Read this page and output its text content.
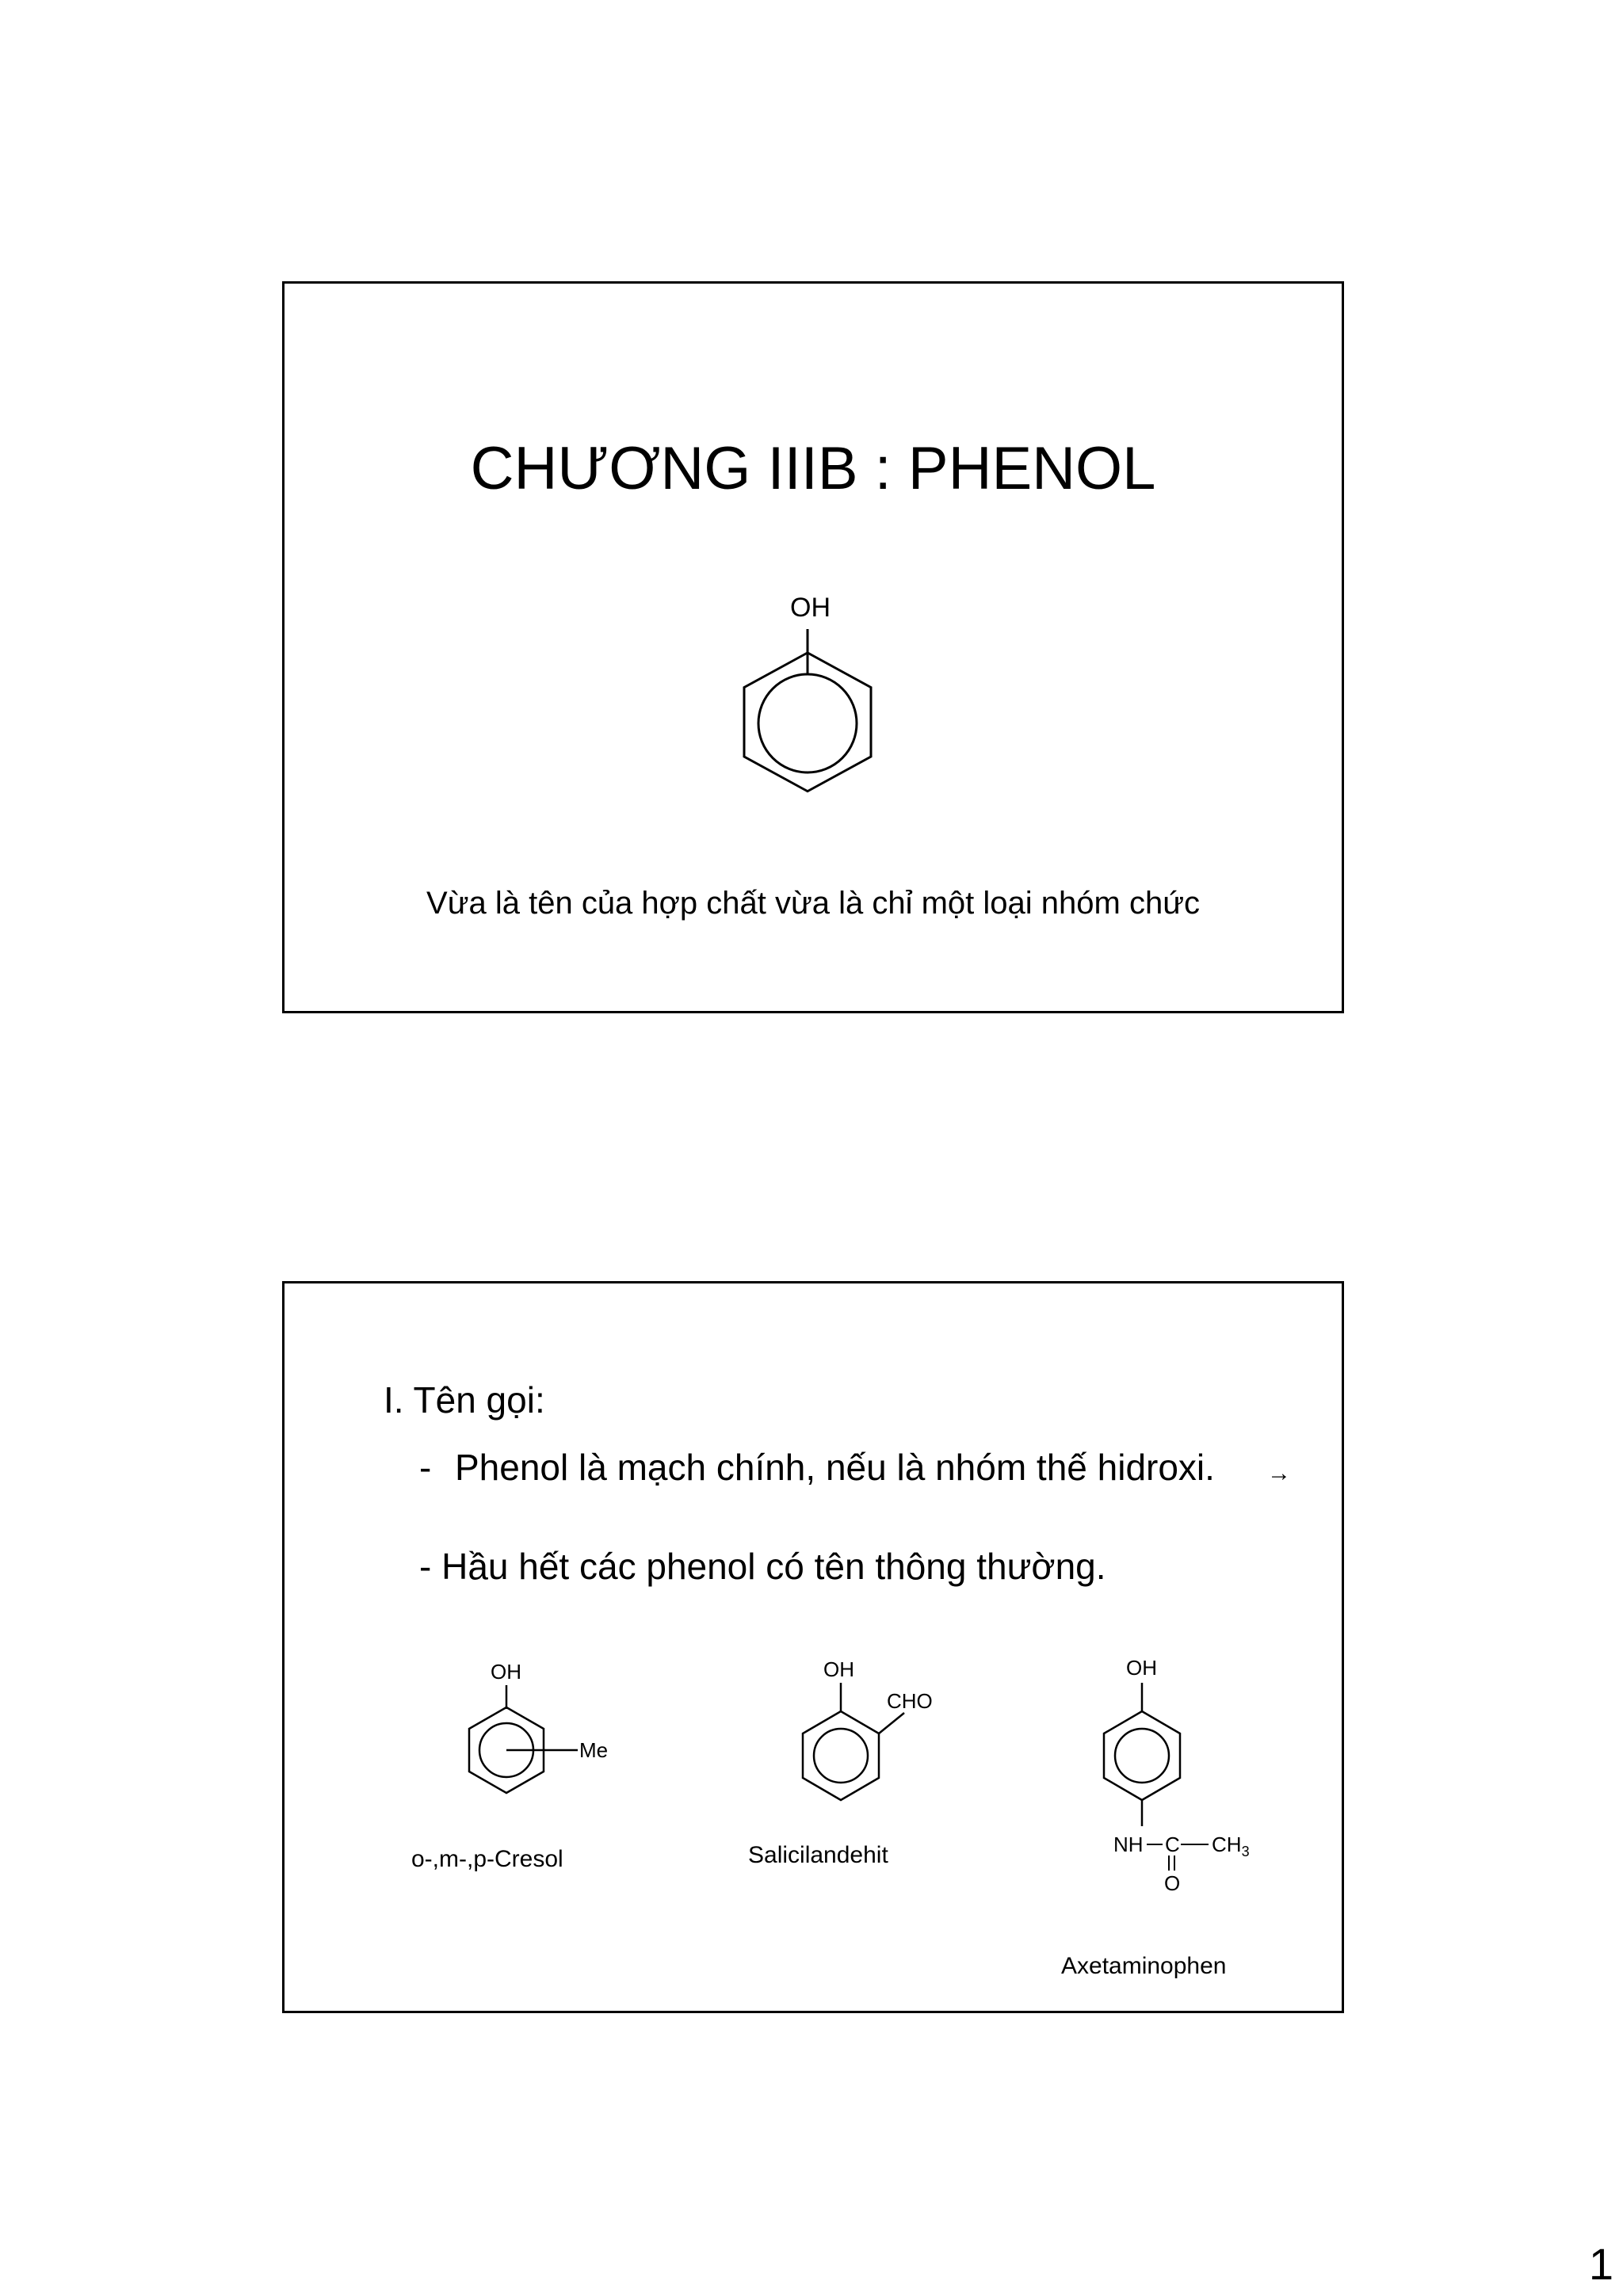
CHƯƠNG IIIB : PHENOL
OH
Vừa là tên của hợp chất vừa là chỉ một loại nhóm chức
I. Tên gọi:
- Phenol là mạch chính, nếu là nhóm thế hidroxi.	→
- Hầu hết các phenol có tên thông thường.
OH
Me
o-,m-,p-Cresol
OH
CHO
Salicilandehit
OH
NH C $CH_3$
O
Axetaminophen
1
